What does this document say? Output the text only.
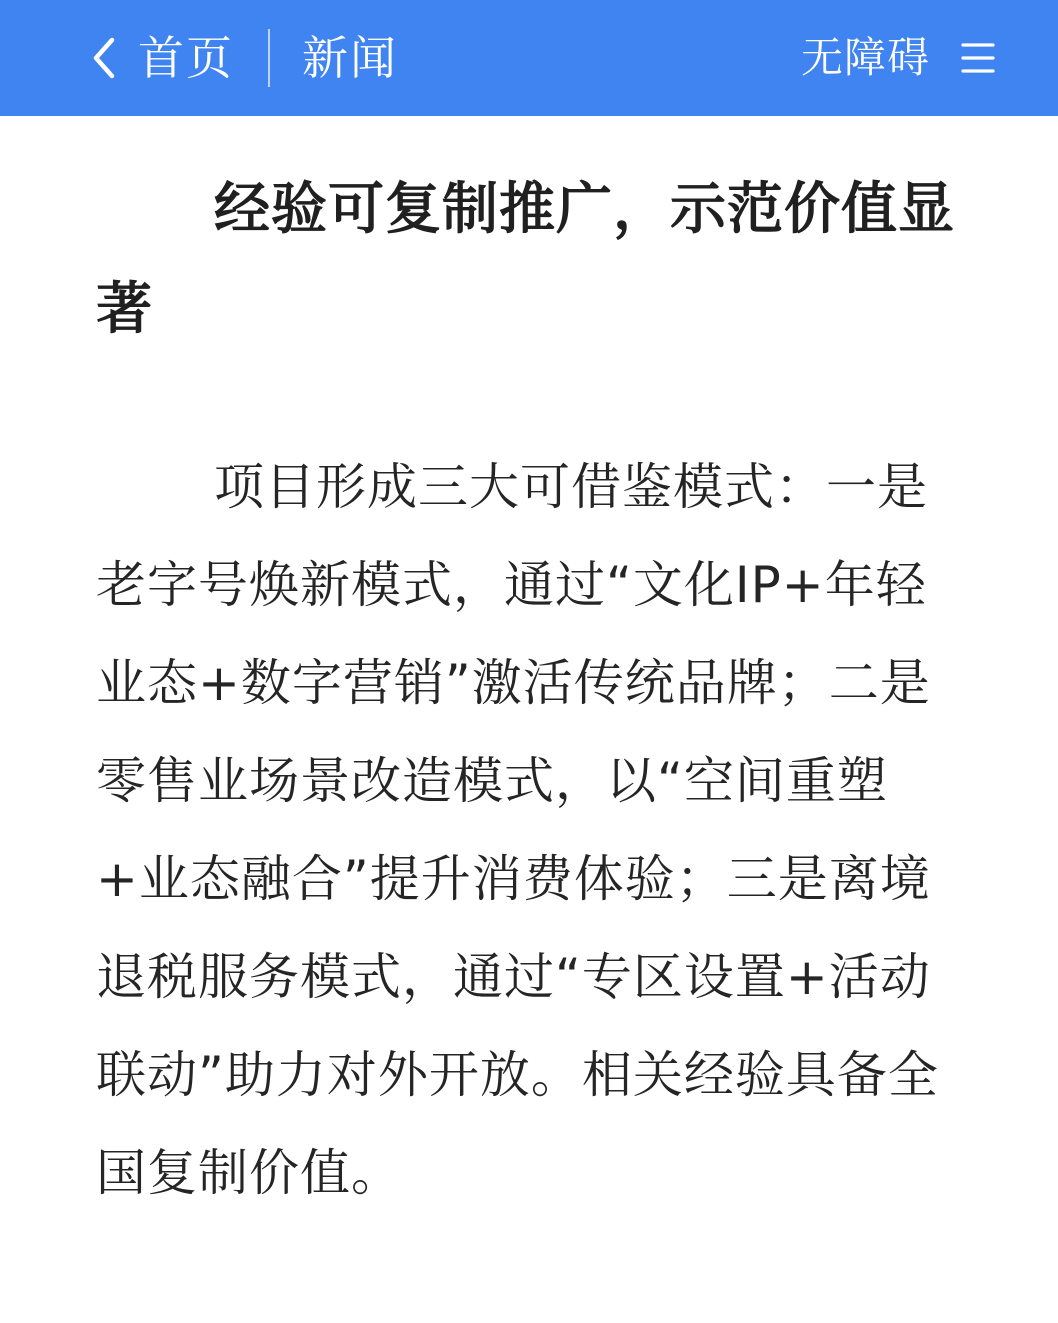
首页 新闻	无障碍
经验可复制推广，示范价值显著

项目形成三大可借鉴模式：一是老字号焕新模式，通过“文化IP+年轻业态+数字营销”激活传统品牌；二是零售业场景改造模式，以“空间重塑+业态融合”提升消费体验；三是离境退税服务模式，通过“专区设置+活动联动”助力对外开放。相关经验具备全国复制价值。
